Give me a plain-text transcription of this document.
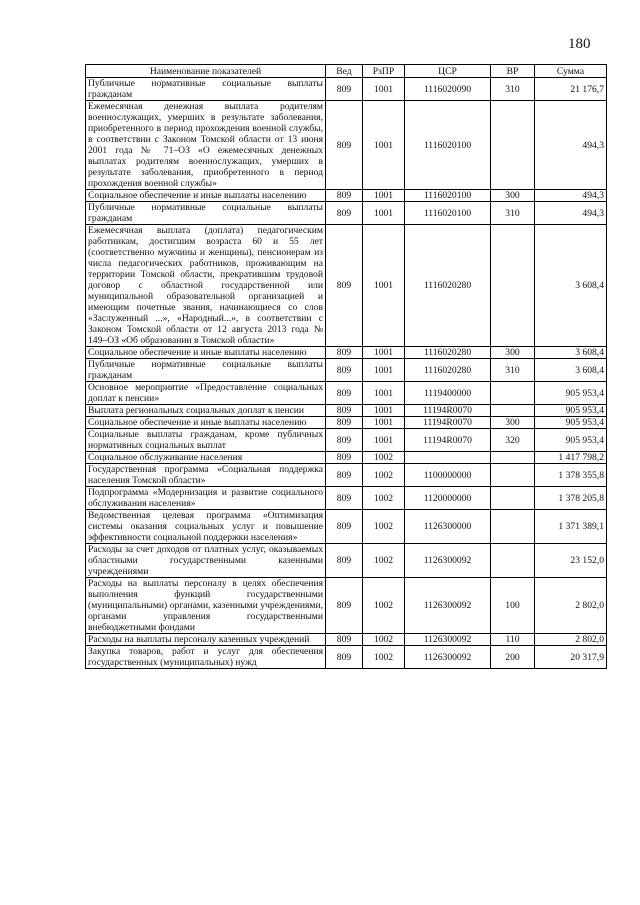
180
Наименование показателей	Вед	РзПР	ЦСР	ВР	Сумма
Публичные нормативные социальные выплаты гражданам	809	1001	1116020090	310	21 176,7
Ежемесячная денежная выплата родителям военнослужащих, умерших в результате заболевания, приобретенного в период прохождения военной службы, в соответствии с Законом Томской области от 13 июня 2001 года № 71–ОЗ «О ежемесячных денежных выплатах родителям военнослужащих, умерших в результате заболевания, приобретенного в период прохождения военной службы»	809	1001	1116020100		494,3
Социальное обеспечение и иные выплаты населению	809	1001	1116020100	300	494,3
Публичные нормативные социальные выплаты гражданам	809	1001	1116020100	310	494,3
Ежемесячная выплата (доплата) педагогическим работникам, достигшим возраста 60 и 55 лет (соответственно мужчины и женщины), пенсионерам из числа педагогических работников, проживающим на территории Томской области, прекратившим трудовой договор с областной государственной или муниципальной образовательной организацией и имеющим почетные звания, начинающиеся со слов «Заслуженный ...», «Народный...», в соответствии с Законом Томской области от 12 августа 2013 года № 149–ОЗ «Об образовании в Томской области»	809	1001	1116020280		3 608,4
Социальное обеспечение и иные выплаты населению	809	1001	1116020280	300	3 608,4
Публичные нормативные социальные выплаты гражданам	809	1001	1116020280	310	3 608,4
Основное мероприятие «Предоставление социальных доплат к пенсии»	809	1001	1119400000		905 953,4
Выплата региональных социальных доплат к пенсии	809	1001	11194R0070		905 953,4
Социальное обеспечение и иные выплаты населению	809	1001	11194R0070	300	905 953,4
Социальные выплаты гражданам, кроме публичных нормативных социальных выплат	809	1001	11194R0070	320	905 953,4
Социальное обслуживание населения	809	1002			1 417 798,2
Государственная программа «Социальная поддержка населения Томской области»	809	1002	1100000000		1 378 355,8
Подпрограмма «Модернизация и развитие социального обслуживания населения»	809	1002	1120000000		1 378 205,8
Ведомственная целевая программа «Оптимизация системы оказания социальных услуг и повышение эффективности социальной поддержки населения»	809	1002	1126300000		1 371 389,1
Расходы за счет доходов от платных услуг, оказываемых областными государственными казенными учреждениями	809	1002	1126300092		23 152,0
Расходы на выплаты персоналу в целях обеспечения выполнения функций государственными (муниципальными) органами, казенными учреждениями, органами управления государственными внебюджетными фондами	809	1002	1126300092	100	2 802,0
Расходы на выплаты персоналу казенных учреждений	809	1002	1126300092	110	2 802,0
Закупка товаров, работ и услуг для обеспечения государственных (муниципальных) нужд	809	1002	1126300092	200	20 317,9
